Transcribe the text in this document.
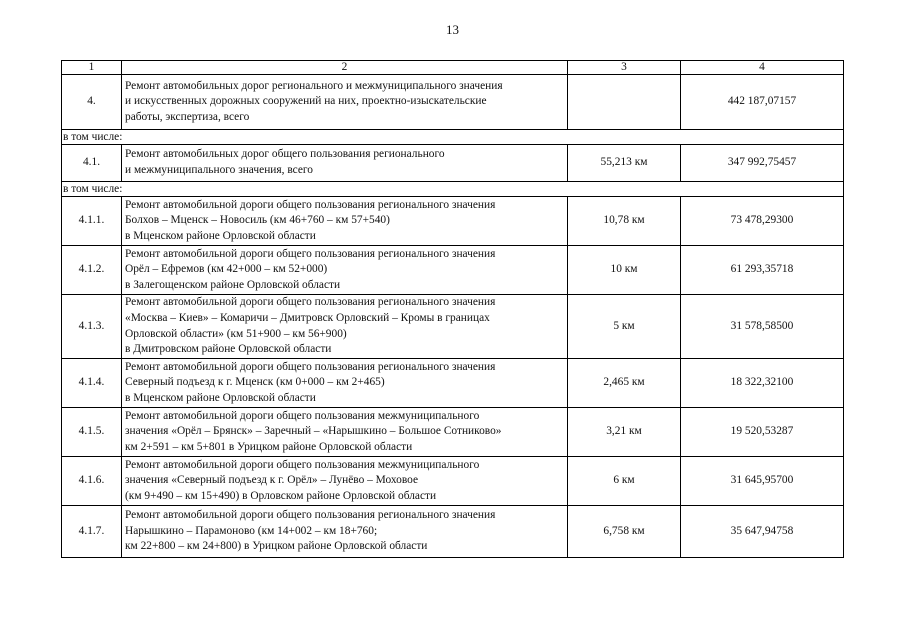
13
1	2	3	4
4.	Ремонт автомобильных дорог регионального и межмуниципального значения
и искусственных дорожных сооружений на них, проектно-изыскательские
работы, экспертиза, всего		442 187,07157
в том числе:			
4.1.	Ремонт автомобильных дорог общего пользования регионального
и межмуниципального значения, всего	55,213 км	347 992,75457
в том числе:			
4.1.1.	Ремонт автомобильной дороги общего пользования регионального значения
Болхов – Мценск – Новосиль (км 46+760 – км 57+540)
в Мценском районе Орловской области	10,78 км	73 478,29300
4.1.2.	Ремонт автомобильной дороги общего пользования регионального значения
Орёл – Ефремов (км 42+000 – км 52+000)
в Залегощенском районе Орловской области	10 км	61 293,35718
4.1.3.	Ремонт автомобильной дороги общего пользования регионального значения
«Москва – Киев» – Комаричи – Дмитровск Орловский – Кромы в границах
Орловской области» (км 51+900 – км 56+900)
в Дмитровском районе Орловской области	5 км	31 578,58500
4.1.4.	Ремонт автомобильной дороги общего пользования регионального значения
Северный подъезд к г. Мценск (км 0+000 – км 2+465)
в Мценском районе Орловской области	2,465 км	18 322,32100
4.1.5.	Ремонт автомобильной дороги общего пользования межмуниципального
значения «Орёл – Брянск» – Заречный – «Нарышкино – Большое Сотниково»
км 2+591 – км 5+801 в Урицком районе Орловской области	3,21 км	19 520,53287
4.1.6.	Ремонт автомобильной дороги общего пользования межмуниципального
значения «Северный подъезд к г. Орёл» – Лунёво – Моховое
(км 9+490 – км 15+490) в Орловском районе Орловской области	6 км	31 645,95700
4.1.7.	Ремонт автомобильной дороги общего пользования регионального значения
Нарышкино – Парамоново (км 14+002 – км 18+760;
км 22+800 – км 24+800) в Урицком районе Орловской области	6,758 км	35 647,94758
